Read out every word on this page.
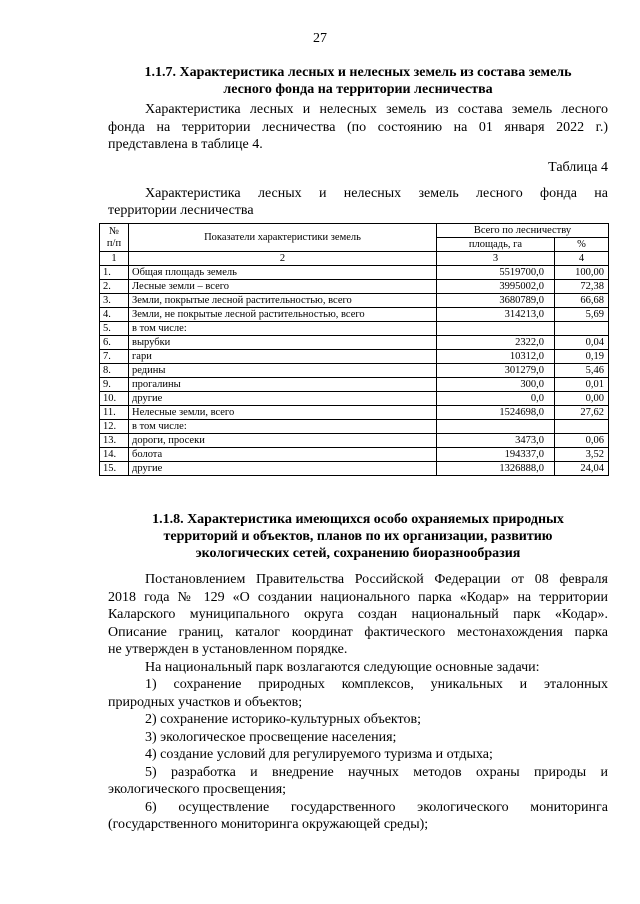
27
1.1.7. Характеристика лесных и нелесных земель из состава земель
лесного фонда на территории лесничества
Характеристика лесных и нелесных земель из состава земель лесного
фонда на территории лесничества (по состоянию на 01 января 2022 г.)
представлена в таблице 4.
Таблица 4
Характеристика лесных и нелесных земель лесного фонда на
территории лесничества
№
п/п	Показатели характеристики земель	Всего по лесничеству	
		площадь, га	%
1	2	3	4
1.	Общая площадь земель	5519700,0	100,00
2.	Лесные земли – всего	3995002,0	72,38
3.	Земли, покрытые лесной растительностью, всего	3680789,0	66,68
4.	Земли, не покрытые лесной растительностью, всего	314213,0	5,69
5.	в том числе:		
6.	вырубки	2322,0	0,04
7.	гари	10312,0	0,19
8.	редины	301279,0	5,46
9.	прогалины	300,0	0,01
10.	другие	0,0	0,00
11.	Нелесные земли, всего	1524698,0	27,62
12.	в том числе:		
13.	дороги, просеки	3473,0	0,06
14.	болота	194337,0	3,52
15.	другие	1326888,0	24,04
1.1.8. Характеристика имеющихся особо охраняемых природных
территорий и объектов, планов по их организации, развитию
экологических сетей, сохранению биоразнообразия
Постановлением Правительства Российской Федерации от 08 февраля
2018 года № 129 «О создании национального парка «Кодар» на территории
Каларского муниципального округа создан национальный парк «Кодар».
Описание границ, каталог координат фактического местонахождения парка
не утвержден в установленном порядке.
На национальный парк возлагаются следующие основные задачи:
1) сохранение природных комплексов, уникальных и эталонных
природных участков и объектов;
2) сохранение историко-культурных объектов;
3) экологическое просвещение населения;
4) создание условий для регулируемого туризма и отдыха;
5) разработка и внедрение научных методов охраны природы и
экологического просвещения;
6) осуществление государственного экологического мониторинга
(государственного мониторинга окружающей среды);
